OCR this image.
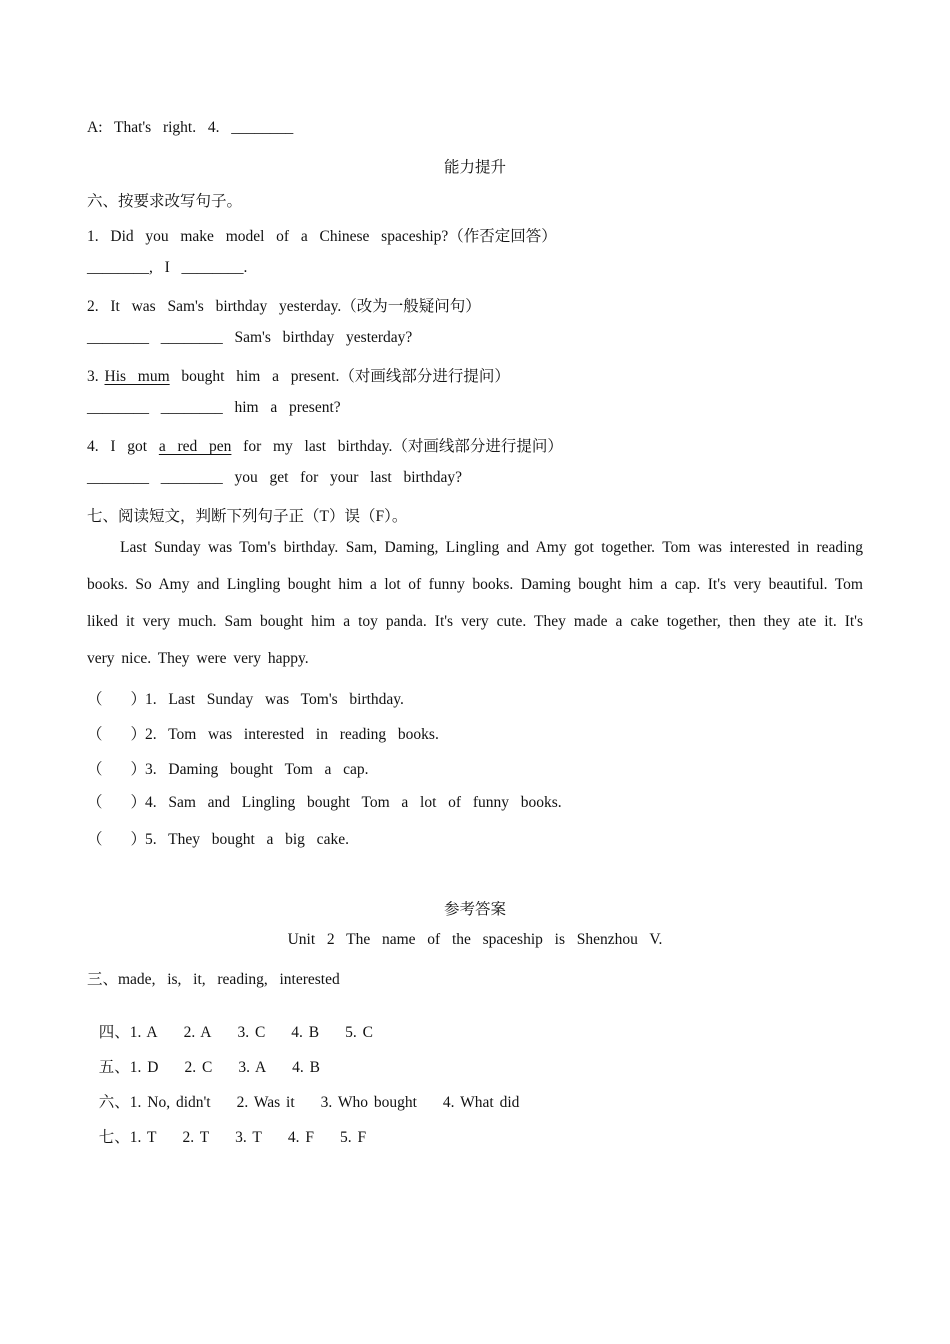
A:  That's  right.  4.  ________
能力提升
六、按要求改写句子。
1.  Did  you  make  model  of  a  Chinese  spaceship?（作否定回答）
________,  I  ________.
2.  It  was  Sam's  birthday  yesterday.（改为一般疑问句）
________  ________  Sam's  birthday  yesterday?
3. His  mum  bought  him  a  present.（对画线部分进行提问）
________  ________  him  a  present?
4.  I  got  a  red  pen  for  my  last  birthday.（对画线部分进行提问）
________  ________  you  get  for  your  last  birthday?
七、阅读短文，判断下列句子正（T）误（F）。
Last Sunday was Tom's birthday. Sam, Daming, Lingling and Amy got together. Tom was interested in reading books. So Amy and Lingling bought him a lot of funny books. Daming bought him a cap. It's very beautiful. Tom liked it very much. Sam bought him a toy panda. It's very cute. They made a cake together, then they ate it. It's very nice. They were very happy.
（ ）1.  Last  Sunday  was  Tom's  birthday.
（ ）2.  Tom  was  interested  in  reading  books.
（ ）3.  Daming  bought  Tom  a  cap.
（ ）4.  Sam  and  Lingling  bought  Tom  a  lot  of  funny  books.
（ ）5.  They  bought  a  big  cake.
参考答案
Unit  2  The  name  of  the  spaceship  is  Shenzhou  V.
三、made,  is,  it,  reading,  interested

四、1. A 2. A 3. C 4. B 5. C

五、1. D 2. C 3. A 4. B

六、1. No, didn't 2. Was it 3. Who bought 4. What did

七、1. T 2. T 3. T 4. F 5. F
